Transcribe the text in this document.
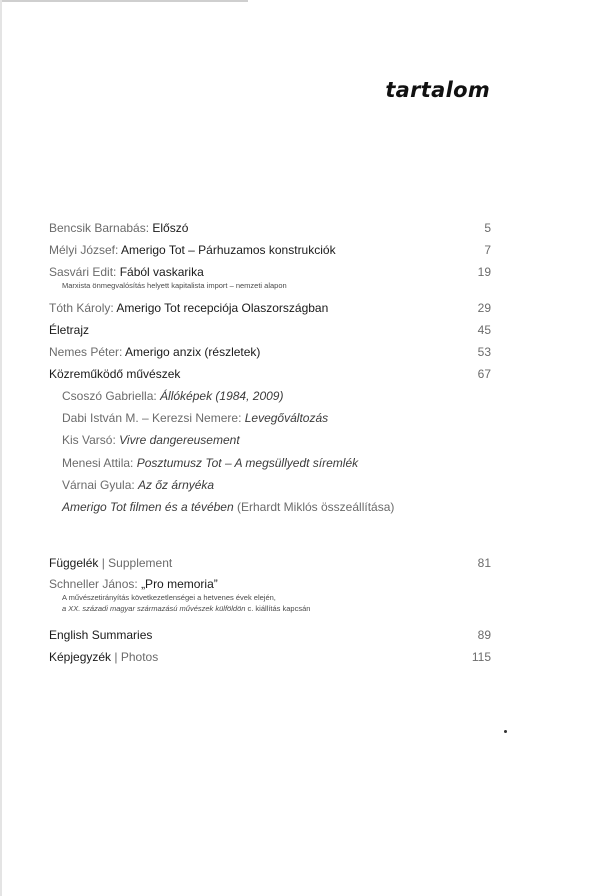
tartalom
Bencsik Barnabás: Előszó	5
Mélyi József: Amerigo Tot – Párhuzamos konstrukciók	7
Sasvári Edit: Fából vaskarika	19
Marxista önmegvalósítás helyett kapitalista import – nemzeti alapon
Tóth Károly: Amerigo Tot recepciója Olaszországban	29
Életrajz	45
Nemes Péter: Amerigo anzix (részletek)	53
Közreműködő művészek	67
Csoszó Gabriella: Állóképek (1984, 2009)
Dabi István M. – Kerezsi Nemere: Levegőváltozás
Kis Varsó: Vivre dangereusement
Menesi Attila: Posztumusz Tot – A megsüllyedt síremlék
Várnai Gyula: Az őz árnyéka
Amerigo Tot filmen és a tévében (Erhardt Miklós összeállítása)
Függelék | Supplement	81
Schneller János: „Pro memoria”
A művészetirányítás következetlenségei a hetvenes évek elején,
a XX. századi magyar származású művészek külföldön c. kiállítás kapcsán
English Summaries	89
Képjegyzék | Photos	115
